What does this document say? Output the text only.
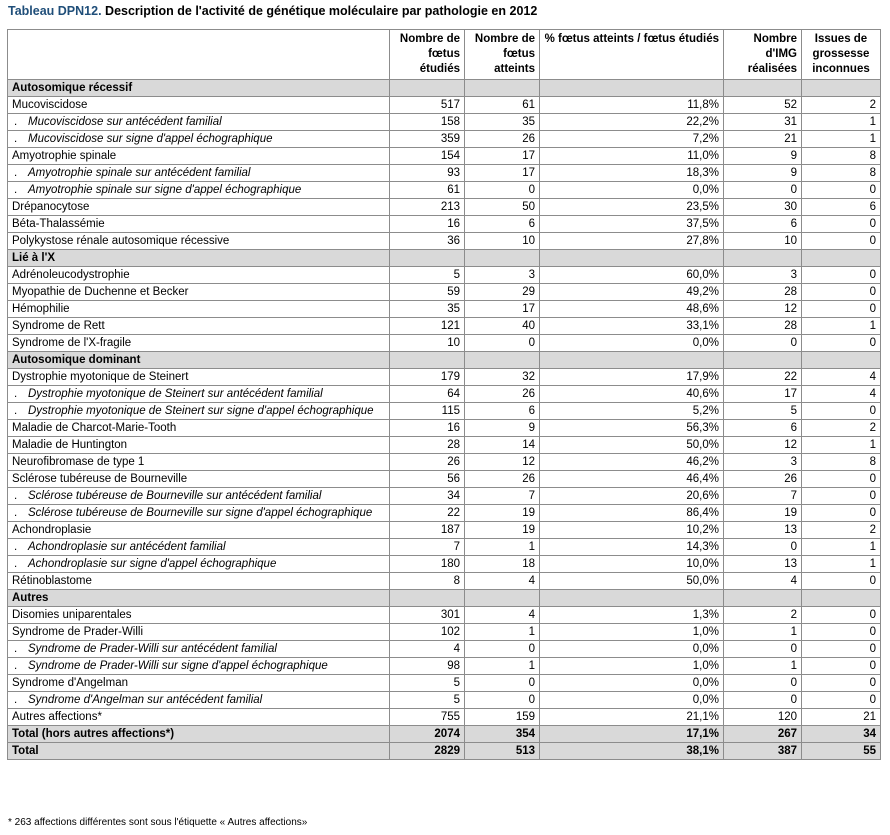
Tableau DPN12. Description de l'activité de génétique moléculaire par pathologie en 2012
	Nombre de fœtus étudiés	Nombre de fœtus atteints	% fœtus atteints / fœtus étudiés	Nombre d'IMG réalisées	Issues de grossesse inconnues
Autosomique récessif					
Mucoviscidose	517	61	11,8%	52	2
. Mucoviscidose sur antécédent familial	158	35	22,2%	31	1
. Mucoviscidose sur signe d'appel échographique	359	26	7,2%	21	1
Amyotrophie spinale	154	17	11,0%	9	8
. Amyotrophie spinale sur antécédent familial	93	17	18,3%	9	8
. Amyotrophie spinale sur signe d'appel échographique	61	0	0,0%	0	0
Drépanocytose	213	50	23,5%	30	6
Béta-Thalassémie	16	6	37,5%	6	0
Polykystose rénale autosomique récessive	36	10	27,8%	10	0
Lié à l'X					
Adrénoleucodystrophie	5	3	60,0%	3	0
Myopathie de Duchenne et Becker	59	29	49,2%	28	0
Hémophilie	35	17	48,6%	12	0
Syndrome de Rett	121	40	33,1%	28	1
Syndrome de l'X-fragile	10	0	0,0%	0	0
Autosomique dominant					
Dystrophie myotonique de Steinert	179	32	17,9%	22	4
. Dystrophie myotonique de Steinert sur antécédent familial	64	26	40,6%	17	4
. Dystrophie myotonique de Steinert sur signe d'appel échographique	115	6	5,2%	5	0
Maladie de Charcot-Marie-Tooth	16	9	56,3%	6	2
Maladie de Huntington	28	14	50,0%	12	1
Neurofibromase de type 1	26	12	46,2%	3	8
Sclérose tubéreuse de Bourneville	56	26	46,4%	26	0
. Sclérose tubéreuse de Bourneville sur antécédent familial	34	7	20,6%	7	0
. Sclérose tubéreuse de Bourneville sur signe d'appel échographique	22	19	86,4%	19	0
Achondroplasie	187	19	10,2%	13	2
. Achondroplasie sur antécédent familial	7	1	14,3%	0	1
. Achondroplasie sur signe d'appel échographique	180	18	10,0%	13	1
Rétinoblastome	8	4	50,0%	4	0
Autres					
Disomies uniparentales	301	4	1,3%	2	0
Syndrome de Prader-Willi	102	1	1,0%	1	0
. Syndrome de Prader-Willi sur antécédent familial	4	0	0,0%	0	0
. Syndrome de Prader-Willi sur signe d'appel échographique	98	1	1,0%	1	0
Syndrome d'Angelman	5	0	0,0%	0	0
. Syndrome d'Angelman sur antécédent familial	5	0	0,0%	0	0
Autres affections*	755	159	21,1%	120	21
Total (hors autres affections*)	2074	354	17,1%	267	34
Total	2829	513	38,1%	387	55
* 263 affections différentes sont sous l'étiquette « Autres affections»
